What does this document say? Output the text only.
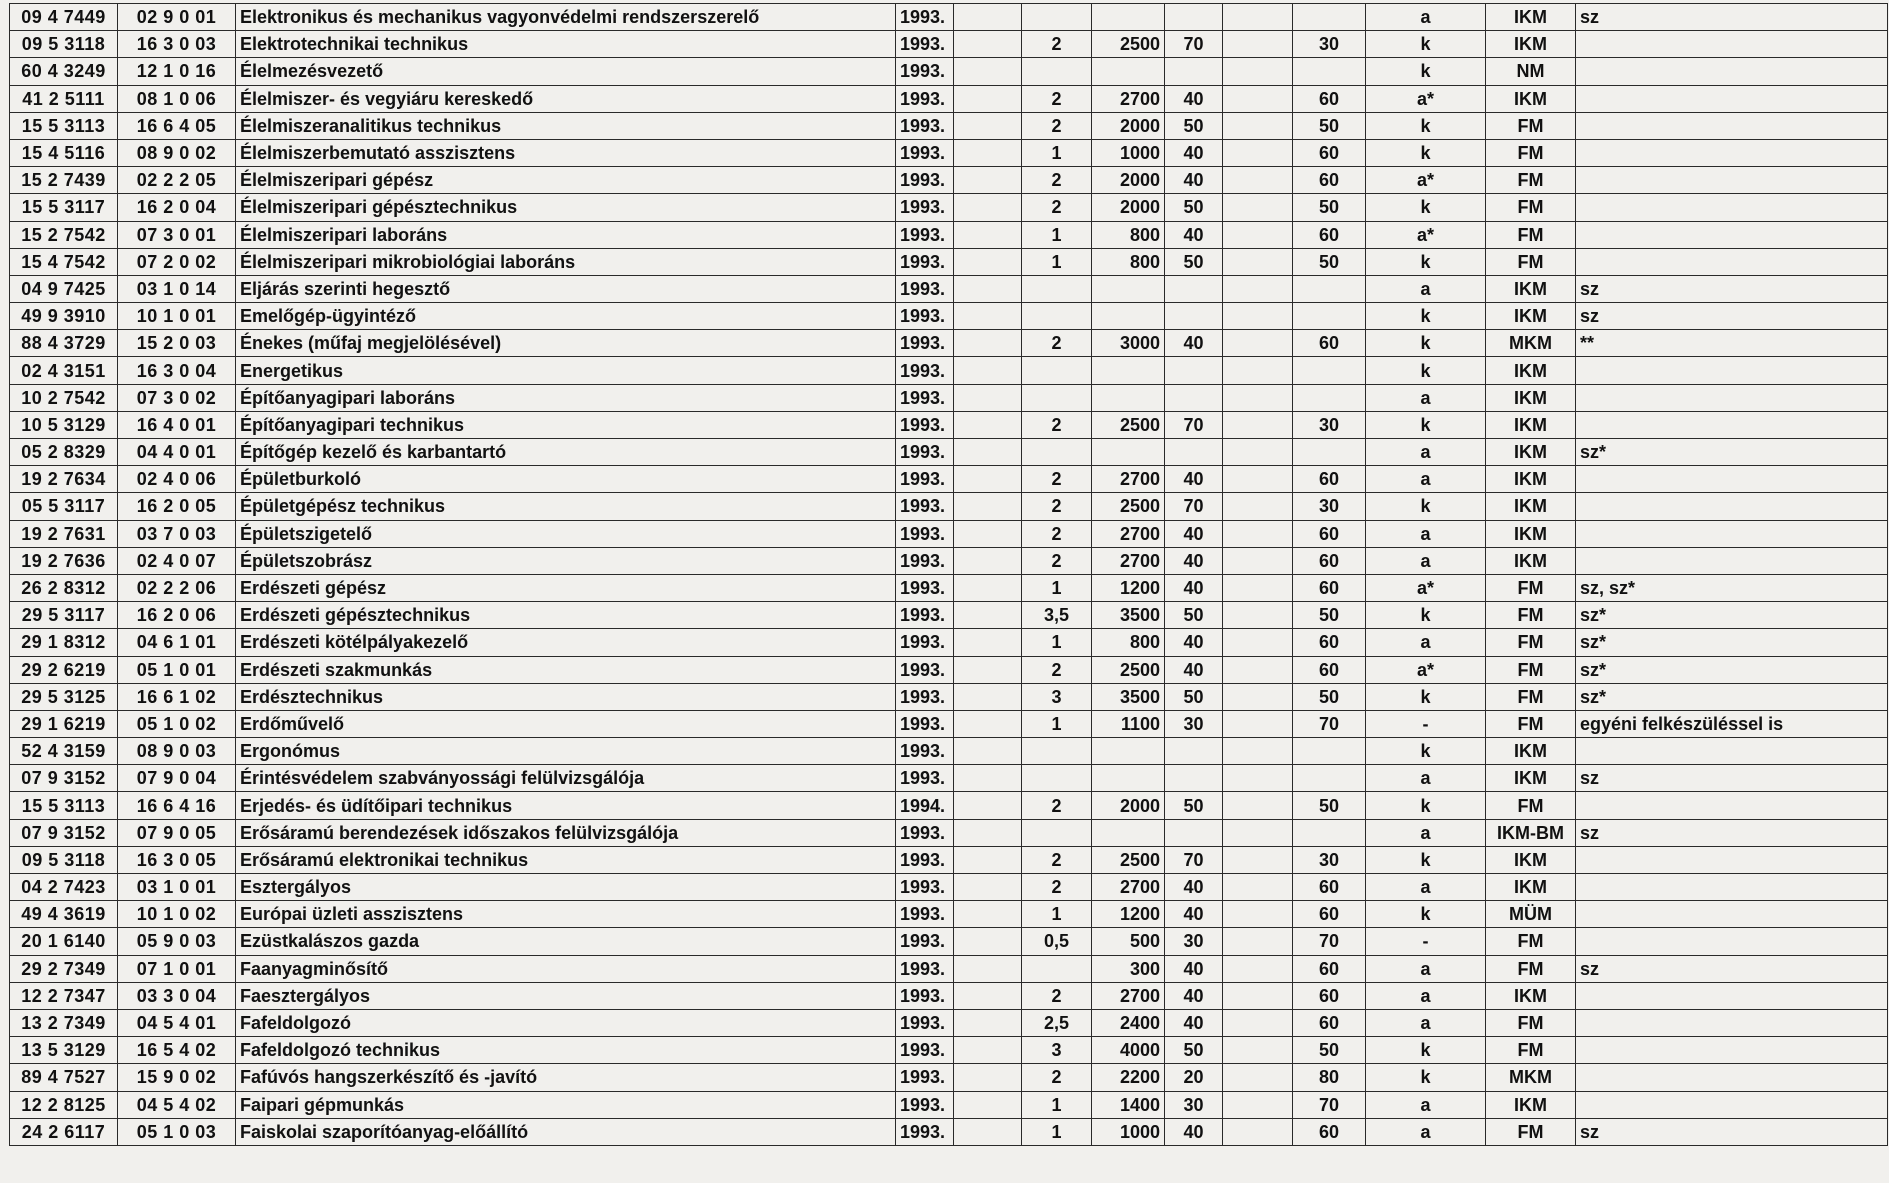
09 4 7449	02 9 0 01	Elektronikus és mechanikus vagyonvédelmi rendszerszerelő	1993.							a	IKM	sz
09 5 3118	16 3 0 03	Elektrotechnikai technikus	1993.		2	2500	70		30	k	IKM	
60 4 3249	12 1 0 16	Élelmezésvezető	1993.							k	NM	
41 2 5111	08 1 0 06	Élelmiszer- és vegyiáru kereskedő	1993.		2	2700	40		60	a*	IKM	
15 5 3113	16 6 4 05	Élelmiszeranalitikus technikus	1993.		2	2000	50		50	k	FM	
15 4 5116	08 9 0 02	Élelmiszerbemutató asszisztens	1993.		1	1000	40		60	k	FM	
15 2 7439	02 2 2 05	Élelmiszeripari gépész	1993.		2	2000	40		60	a*	FM	
15 5 3117	16 2 0 04	Élelmiszeripari gépésztechnikus	1993.		2	2000	50		50	k	FM	
15 2 7542	07 3 0 01	Élelmiszeripari laboráns	1993.		1	800	40		60	a*	FM	
15 4 7542	07 2 0 02	Élelmiszeripari mikrobiológiai laboráns	1993.		1	800	50		50	k	FM	
04 9 7425	03 1 0 14	Eljárás szerinti hegesztő	1993.							a	IKM	sz
49 9 3910	10 1 0 01	Emelőgép-ügyintéző	1993.							k	IKM	sz
88 4 3729	15 2 0 03	Énekes (műfaj megjelölésével)	1993.		2	3000	40		60	k	MKM	**
02 4 3151	16 3 0 04	Energetikus	1993.							k	IKM	
10 2 7542	07 3 0 02	Építőanyagipari laboráns	1993.							a	IKM	
10 5 3129	16 4 0 01	Építőanyagipari technikus	1993.		2	2500	70		30	k	IKM	
05 2 8329	04 4 0 01	Építőgép kezelő és karbantartó	1993.							a	IKM	sz*
19 2 7634	02 4 0 06	Épületburkoló	1993.		2	2700	40		60	a	IKM	
05 5 3117	16 2 0 05	Épületgépész technikus	1993.		2	2500	70		30	k	IKM	
19 2 7631	03 7 0 03	Épületszigetelő	1993.		2	2700	40		60	a	IKM	
19 2 7636	02 4 0 07	Épületszobrász	1993.		2	2700	40		60	a	IKM	
26 2 8312	02 2 2 06	Erdészeti gépész	1993.		1	1200	40		60	a*	FM	sz, sz*
29 5 3117	16 2 0 06	Erdészeti gépésztechnikus	1993.		3,5	3500	50		50	k	FM	sz*
29 1 8312	04 6 1 01	Erdészeti kötélpályakezelő	1993.		1	800	40		60	a	FM	sz*
29 2 6219	05 1 0 01	Erdészeti szakmunkás	1993.		2	2500	40		60	a*	FM	sz*
29 5 3125	16 6 1 02	Erdésztechnikus	1993.		3	3500	50		50	k	FM	sz*
29 1 6219	05 1 0 02	Erdőművelő	1993.		1	1100	30		70	-	FM	egyéni felkészüléssel is
52 4 3159	08 9 0 03	Ergonómus	1993.							k	IKM	
07 9 3152	07 9 0 04	Érintésvédelem szabványossági felülvizsgálója	1993.							a	IKM	sz
15 5 3113	16 6 4 16	Erjedés- és üdítőipari technikus	1994.		2	2000	50		50	k	FM	
07 9 3152	07 9 0 05	Erősáramú berendezések időszakos felülvizsgálója	1993.							a	IKM-BM	sz
09 5 3118	16 3 0 05	Erősáramú elektronikai technikus	1993.		2	2500	70		30	k	IKM	
04 2 7423	03 1 0 01	Esztergályos	1993.		2	2700	40		60	a	IKM	
49 4 3619	10 1 0 02	Európai üzleti asszisztens	1993.		1	1200	40		60	k	MÜM	
20 1 6140	05 9 0 03	Ezüstkalászos gazda	1993.		0,5	500	30		70	-	FM	
29 2 7349	07 1 0 01	Faanyagminősítő	1993.			300	40		60	a	FM	sz
12 2 7347	03 3 0 04	Faesztergályos	1993.		2	2700	40		60	a	IKM	
13 2 7349	04 5 4 01	Fafeldolgozó	1993.		2,5	2400	40		60	a	FM	
13 5 3129	16 5 4 02	Fafeldolgozó technikus	1993.		3	4000	50		50	k	FM	
89 4 7527	15 9 0 02	Fafúvós hangszerkészítő és -javító	1993.		2	2200	20		80	k	MKM	
12 2 8125	04 5 4 02	Faipari gépmunkás	1993.		1	1400	30		70	a	IKM	
24 2 6117	05 1 0 03	Faiskolai szaporítóanyag-előállító	1993.		1	1000	40		60	a	FM	sz
